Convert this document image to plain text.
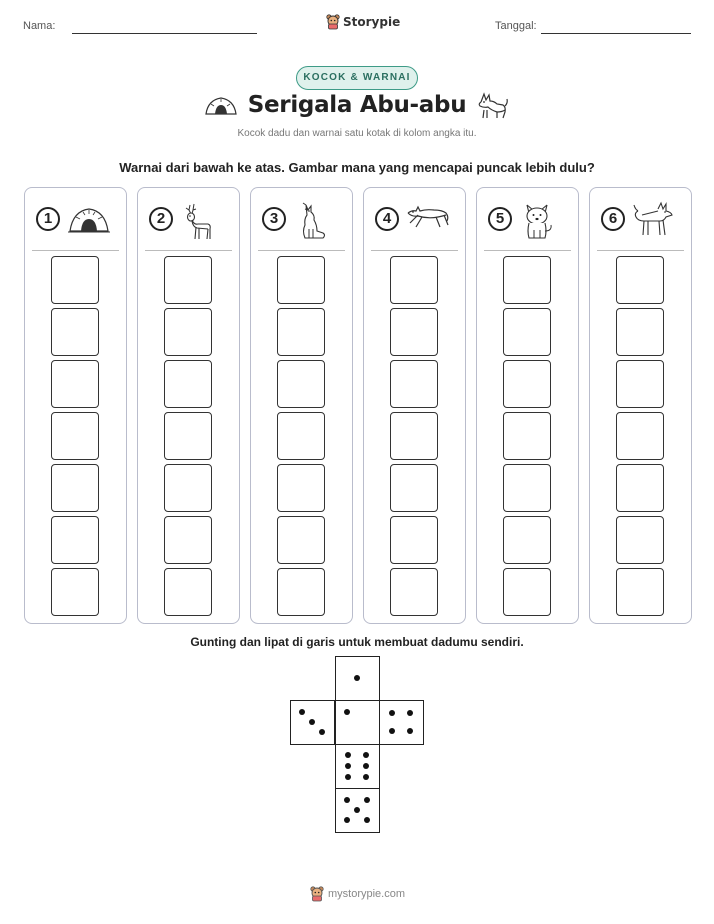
Nama:	Storypie	Tanggal:
KOCOK & WARNAI
Serigala Abu-abu
Kocok dadu dan warnai satu kotak di kolom angka itu.
Warnai dari bawah ke atas. Gambar mana yang mencapai puncak lebih dulu?
1	2	3	4	5	6
Gunting dan lipat di garis untuk membuat dadumu sendiri.
mystorypie.com
